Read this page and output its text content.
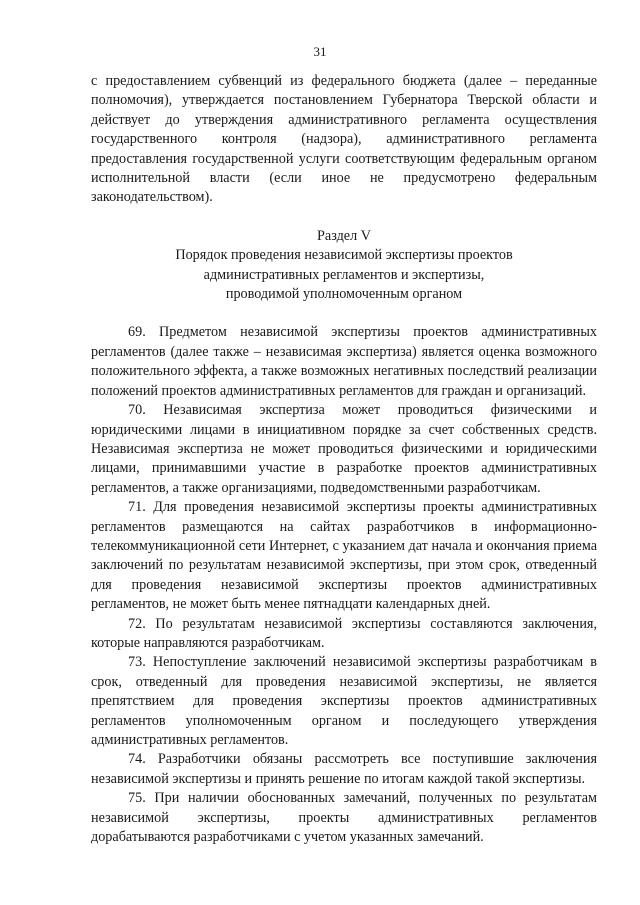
31

с предоставлением субвенций из федерального бюджета (далее – переданные полномочия), утверждается постановлением Губернатора Тверской области и действует до утверждения административного регламента осуществления государственного контроля (надзора), административного регламента предоставления государственной услуги соответствующим федеральным органом исполнительной власти (если иное не предусмотрено федеральным законодательством).

Раздел V

Порядок проведения независимой экспертизы проектов
административных регламентов и экспертизы,
проводимой уполномоченным органом

69. Предметом независимой экспертизы проектов административных регламентов (далее также – независимая экспертиза) является оценка возможного положительного эффекта, а также возможных негативных последствий реализации положений проектов административных регламентов для граждан и организаций.

70. Независимая экспертиза может проводиться физическими и юридическими лицами в инициативном порядке за счет собственных средств. Независимая экспертиза не может проводиться физическими и юридическими лицами, принимавшими участие в разработке проектов административных регламентов, а также организациями, подведомственными разработчикам.

71. Для проведения независимой экспертизы проекты административных регламентов размещаются на сайтах разработчиков в информационно-телекоммуникационной сети Интернет, с указанием дат начала и окончания приема заключений по результатам независимой экспертизы, при этом срок, отведенный для проведения независимой экспертизы проектов административных регламентов, не может быть менее пятнадцати календарных дней.

72. По результатам независимой экспертизы составляются заключения, которые направляются разработчикам.

73. Непоступление заключений независимой экспертизы разработчикам в срок, отведенный для проведения независимой экспертизы, не является препятствием для проведения экспертизы проектов административных регламентов уполномоченным органом и последующего утверждения административных регламентов.

74. Разработчики обязаны рассмотреть все поступившие заключения независимой экспертизы и принять решение по итогам каждой такой экспертизы.

75. При наличии обоснованных замечаний, полученных по результатам независимой экспертизы, проекты административных регламентов дорабатываются разработчиками с учетом указанных замечаний.
